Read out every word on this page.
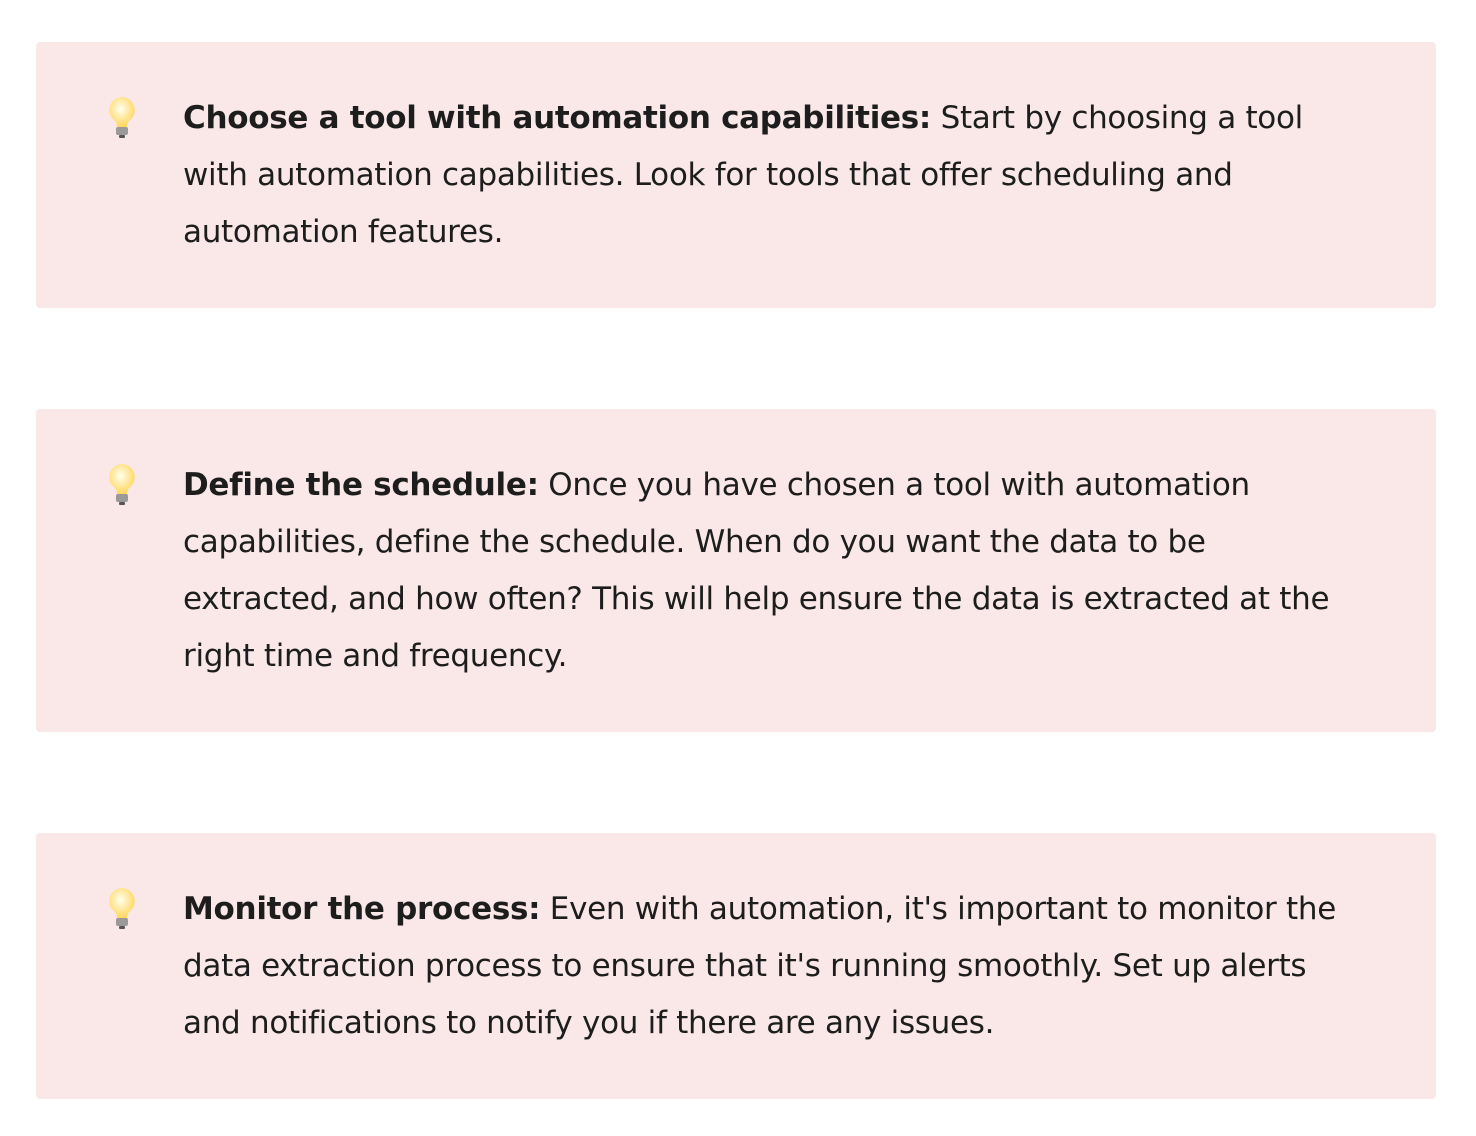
Choose a tool with automation capabilities: Start by choosing a tool with automation capabilities. Look for tools that offer scheduling and automation features.
Define the schedule: Once you have chosen a tool with automation capabilities, define the schedule. When do you want the data to be extracted, and how often? This will help ensure the data is extracted at the right time and frequency.
Monitor the process: Even with automation, it's important to monitor the data extraction process to ensure that it's running smoothly. Set up alerts and notifications to notify you if there are any issues.
